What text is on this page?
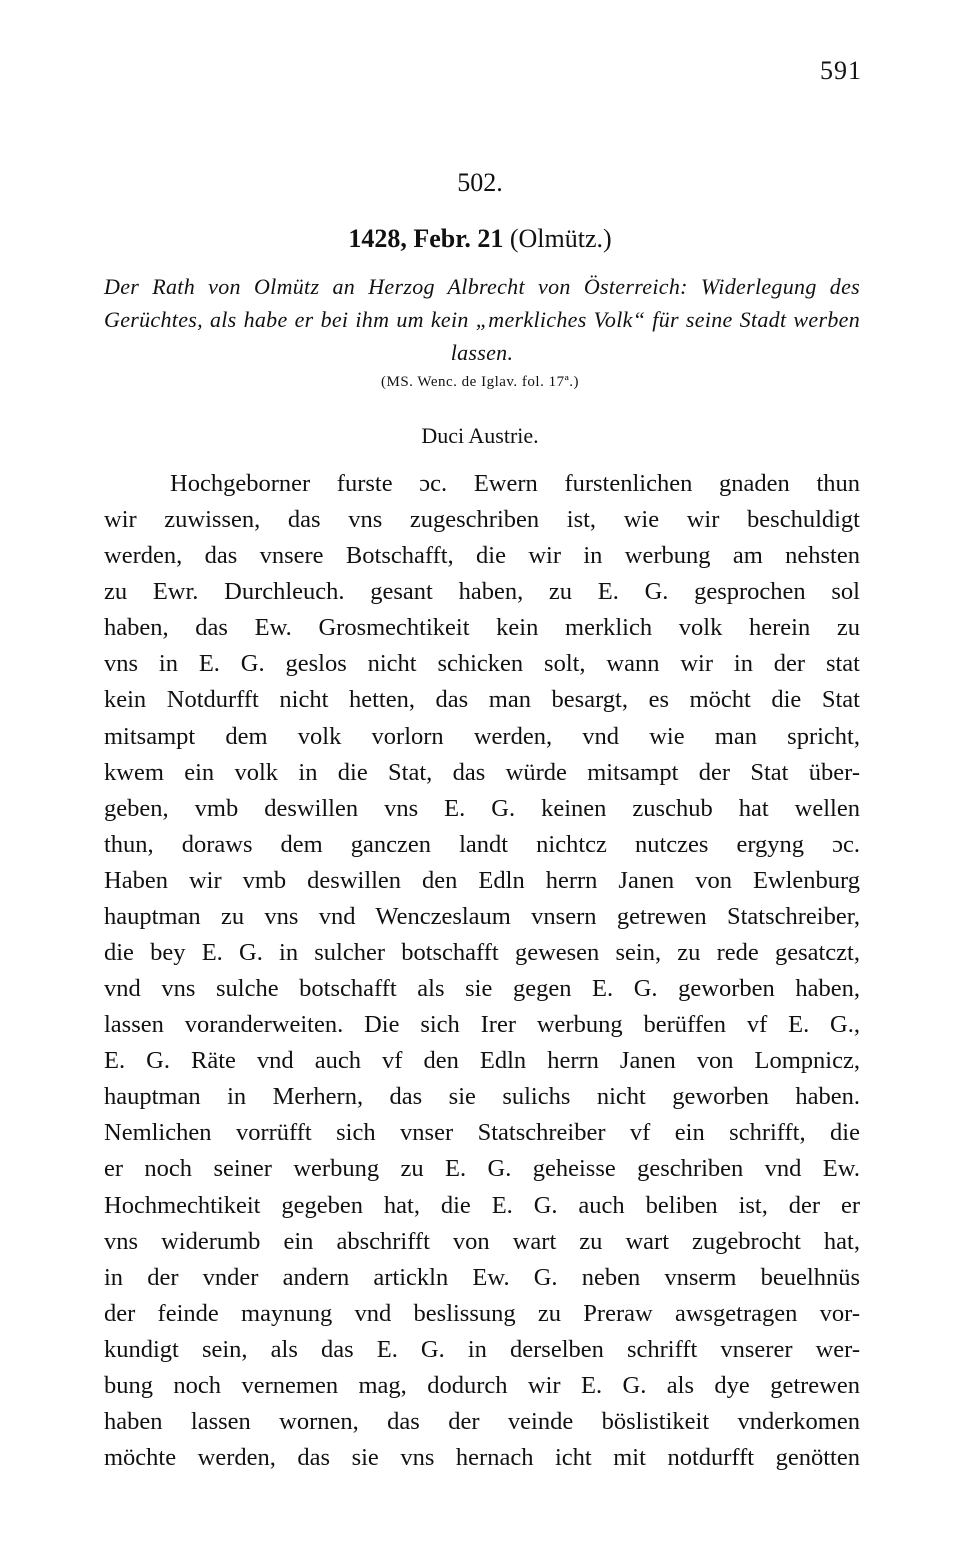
591
502.
1428, Febr. 21 (Olmütz.)
Der Rath von Olmütz an Herzog Albrecht von Österreich: Widerlegung des Gerüchtes, als habe er bei ihm um kein „merkliches Volk“ für seine Stadt werben lassen.
(MS. Wenc. de Iglav. fol. 17ª.)
Duci Austrie.
Hochgeborner furste ɔc. Ewern furstenlichen gnaden thun
wir zuwissen, das vns zugeschriben ist, wie wir beschuldigt
werden, das vnsere Botschafft, die wir in werbung am nehsten
zu Ewr. Durchleuch. gesant haben, zu E. G. gesprochen sol
haben, das Ew. Grosmechtikeit kein merklich volk herein zu
vns in E. G. geslos nicht schicken solt, wann wir in der stat
kein Notdurfft nicht hetten, das man besargt, es möcht die Stat
mitsampt dem volk vorlorn werden, vnd wie man spricht,
kwem ein volk in die Stat, das würde mitsampt der Stat über-
geben, vmb deswillen vns E. G. keinen zuschub hat wellen
thun, doraws dem ganczen landt nichtcz nutczes ergyng ɔc.
Haben wir vmb deswillen den Edln herrn Janen von Ewlenburg
hauptman zu vns vnd Wenczeslaum vnsern getrewen Statschreiber,
die bey E. G. in sulcher botschafft gewesen sein, zu rede gesatczt,
vnd vns sulche botschafft als sie gegen E. G. geworben haben,
lassen voranderweiten. Die sich Irer werbung berüffen vf E. G.,
E. G. Räte vnd auch vf den Edln herrn Janen von Lompnicz,
hauptman in Merhern, das sie sulichs nicht geworben haben.
Nemlichen vorrüfft sich vnser Statschreiber vf ein schrifft, die
er noch seiner werbung zu E. G. geheisse geschriben vnd Ew.
Hochmechtikeit gegeben hat, die E. G. auch beliben ist, der er
vns widerumb ein abschrifft von wart zu wart zugebrocht hat,
in der vnder andern artickln Ew. G. neben vnserm beuelhnüs
der feinde maynung vnd beslissung zu Preraw awsgetragen vor-
kundigt sein, als das E. G. in derselben schrifft vnserer wer-
bung noch vernemen mag, dodurch wir E. G. als dye getrewen
haben lassen wornen, das der veinde böslistikeit vnderkomen
möchte werden, das sie vns hernach icht mit notdurfft genötten
